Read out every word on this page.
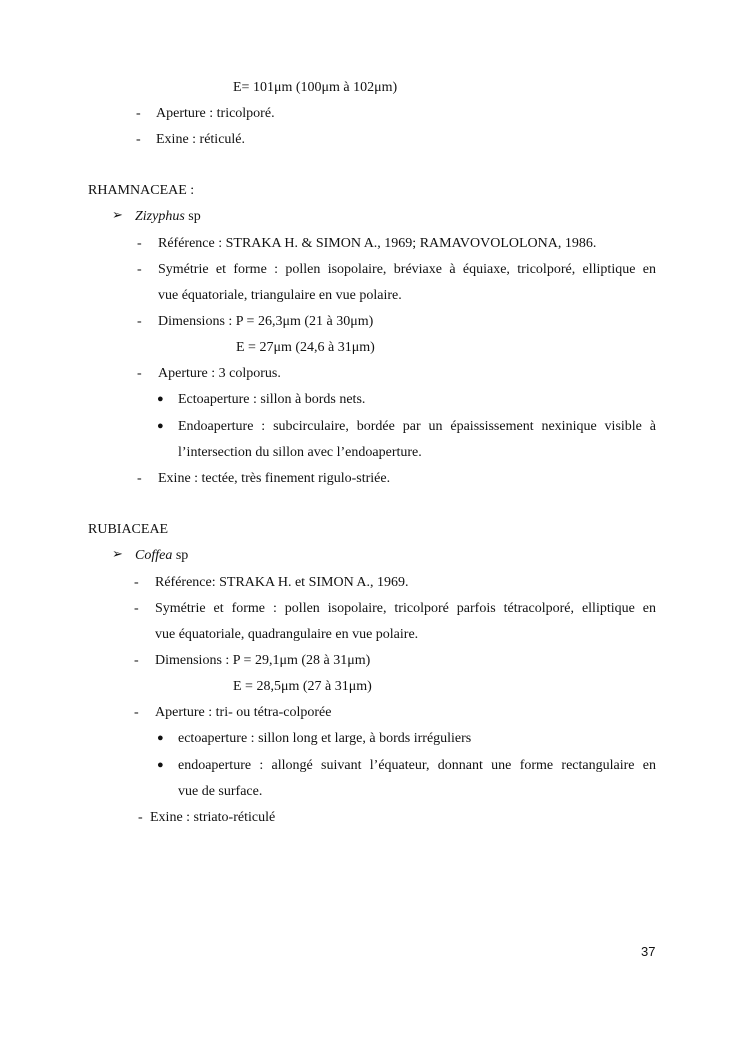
E= 101μm (100μm à 102μm)
- Aperture : tricolporé.
- Exine : réticulé.
RHAMNACEAE :
➢ Zizyphus sp
- Référence : STRAKA H. & SIMON A., 1969; RAMAVOVOLOLONA, 1986.
- Symétrie et forme : pollen isopolaire, bréviaxe à équiaxe, tricolporé, elliptique en
vue équatoriale, triangulaire en vue polaire.
- Dimensions : P = 26,3μm (21 à 30μm)
E = 27μm (24,6 à 31μm)
- Aperture : 3 colporus.
● Ectoaperture : sillon à bords nets.
● Endoaperture : subcirculaire, bordée par un épaississement nexinique visible à
l’intersection du sillon avec l’endoaperture.
- Exine : tectée, très finement rigulo-striée.
RUBIACEAE
➢ Coffea sp
- Référence: STRAKA H. et SIMON A., 1969.
- Symétrie et forme : pollen isopolaire, tricolporé parfois tétracolporé, elliptique en
vue équatoriale, quadrangulaire en vue polaire.
- Dimensions : P = 29,1μm (28 à 31μm)
E = 28,5μm (27 à 31μm)
- Aperture : tri- ou tétra-colporée
● ectoaperture : sillon long et large, à bords irréguliers
● endoaperture : allongé suivant l’équateur, donnant une forme rectangulaire en
vue de surface.
- Exine : striato-réticulé
37
